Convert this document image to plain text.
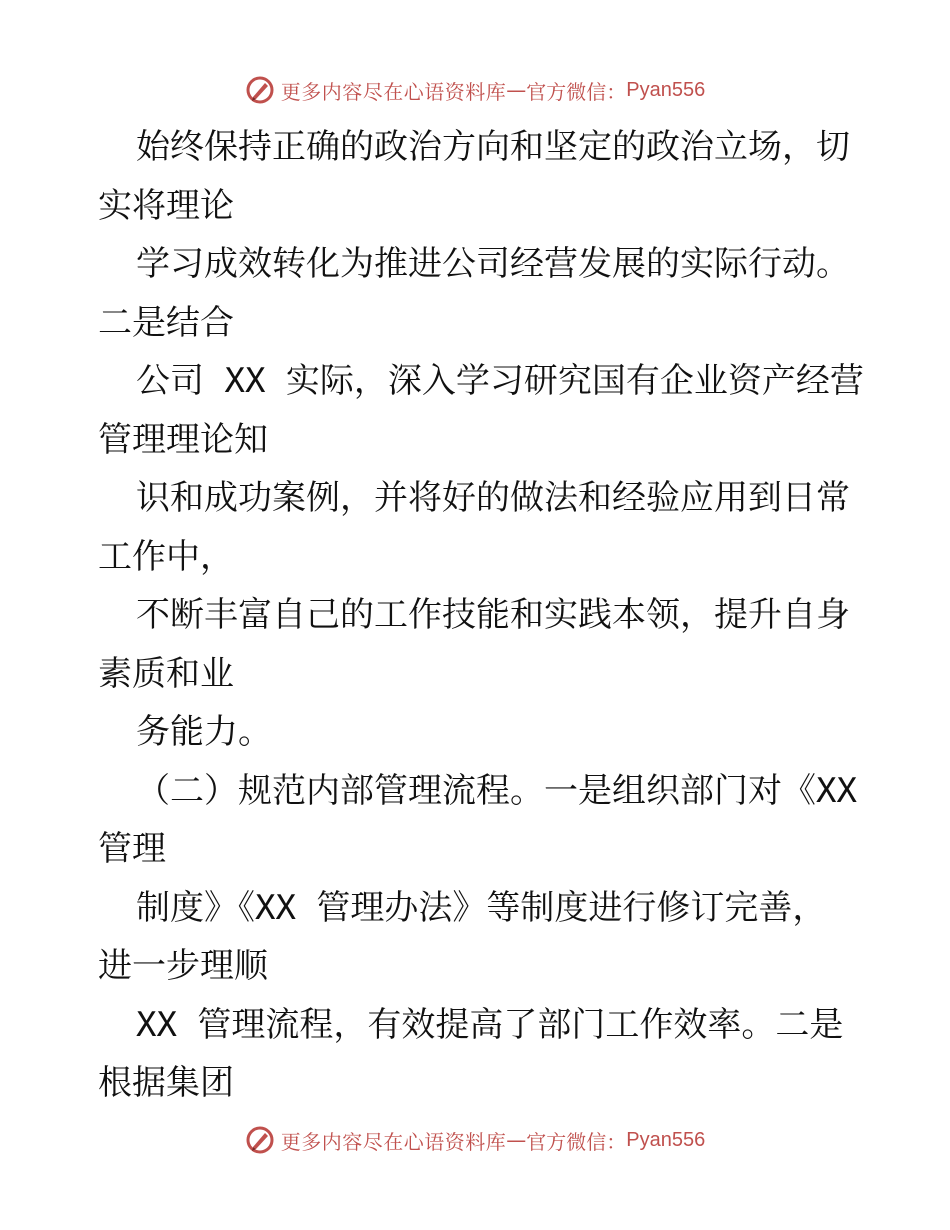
更多内容尽在心语资料库 — 官方微信： Pyan556
始终保持正确的政治方向和坚定的政治立场，切
实将理论
学习成效转化为推进公司经营发展的实际行动。
二是结合
公司 XX 实际，深入学习研究国有企业资产经营
管理理论知
识和成功案例，并将好的做法和经验应用到日常
工作中，
不断丰富自己的工作技能和实践本领，提升自身
素质和业
务能力。
（二）规范内部管理流程。一是组织部门对《XX
管理
制度》《XX 管理办法》等制度进行修订完善，
进一步理顺
XX 管理流程，有效提高了部门工作效率。二是
根据集团
更多内容尽在心语资料库 — 官方微信： Pyan556
